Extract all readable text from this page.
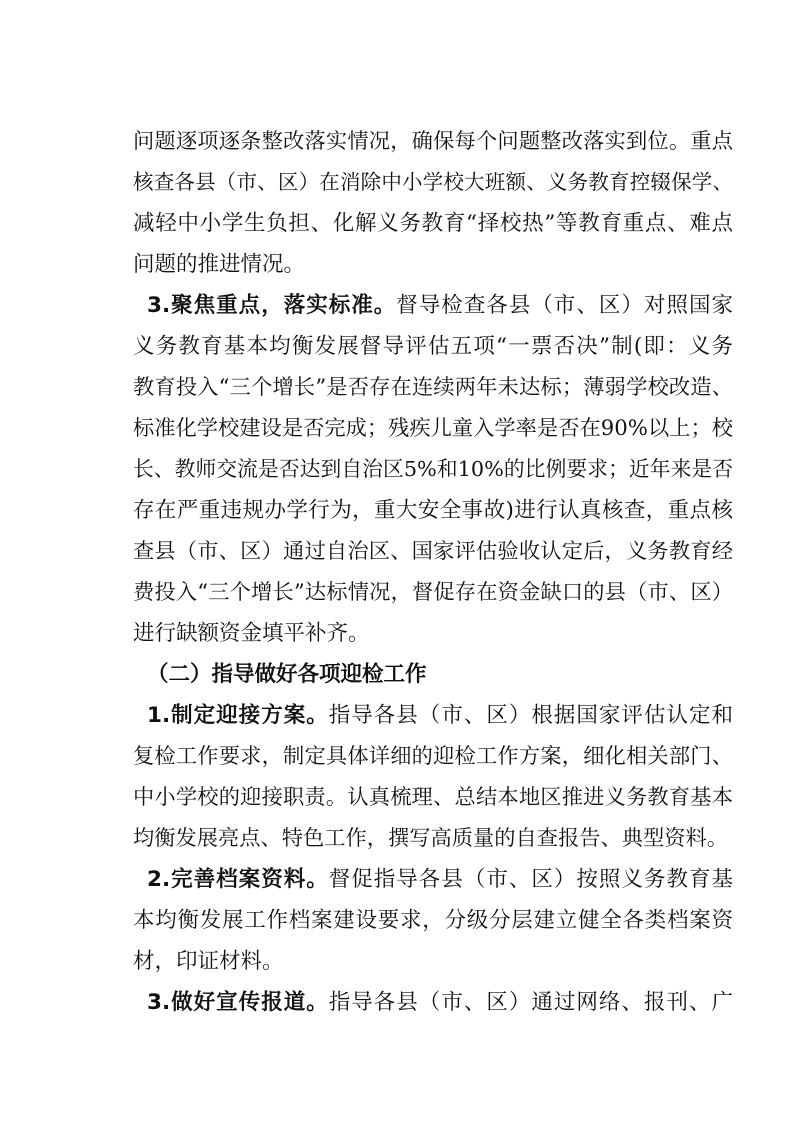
问题逐项逐条整改落实情况，确保每个问题整改落实到位。重点
核查各县（市、区）在消除中小学校大班额、义务教育控辍保学、
减轻中小学生负担、化解义务教育“择校热”等教育重点、难点
问题的推进情况。
3.聚焦重点，落实标准。督导检查各县（市、区）对照国家
义务教育基本均衡发展督导评估五项“一票否决”制(即：义务
教育投入“三个增长”是否存在连续两年未达标；薄弱学校改造、
标准化学校建设是否完成；残疾儿童入学率是否在90%以上；校
长、教师交流是否达到自治区5%和10%的比例要求；近年来是否
存在严重违规办学行为，重大安全事故)进行认真核查，重点核
查县（市、区）通过自治区、国家评估验收认定后，义务教育经
费投入“三个增长”达标情况，督促存在资金缺口的县（市、区）
进行缺额资金填平补齐。
（二）指导做好各项迎检工作
1.制定迎接方案。指导各县（市、区）根据国家评估认定和
复检工作要求，制定具体详细的迎检工作方案，细化相关部门、
中小学校的迎接职责。认真梳理、总结本地区推进义务教育基本
均衡发展亮点、特色工作，撰写高质量的自查报告、典型资料。
2.完善档案资料。督促指导各县（市、区）按照义务教育基
本均衡发展工作档案建设要求，分级分层建立健全各类档案资
材，印证材料。
3.做好宣传报道。指导各县（市、区）通过网络、报刊、广
